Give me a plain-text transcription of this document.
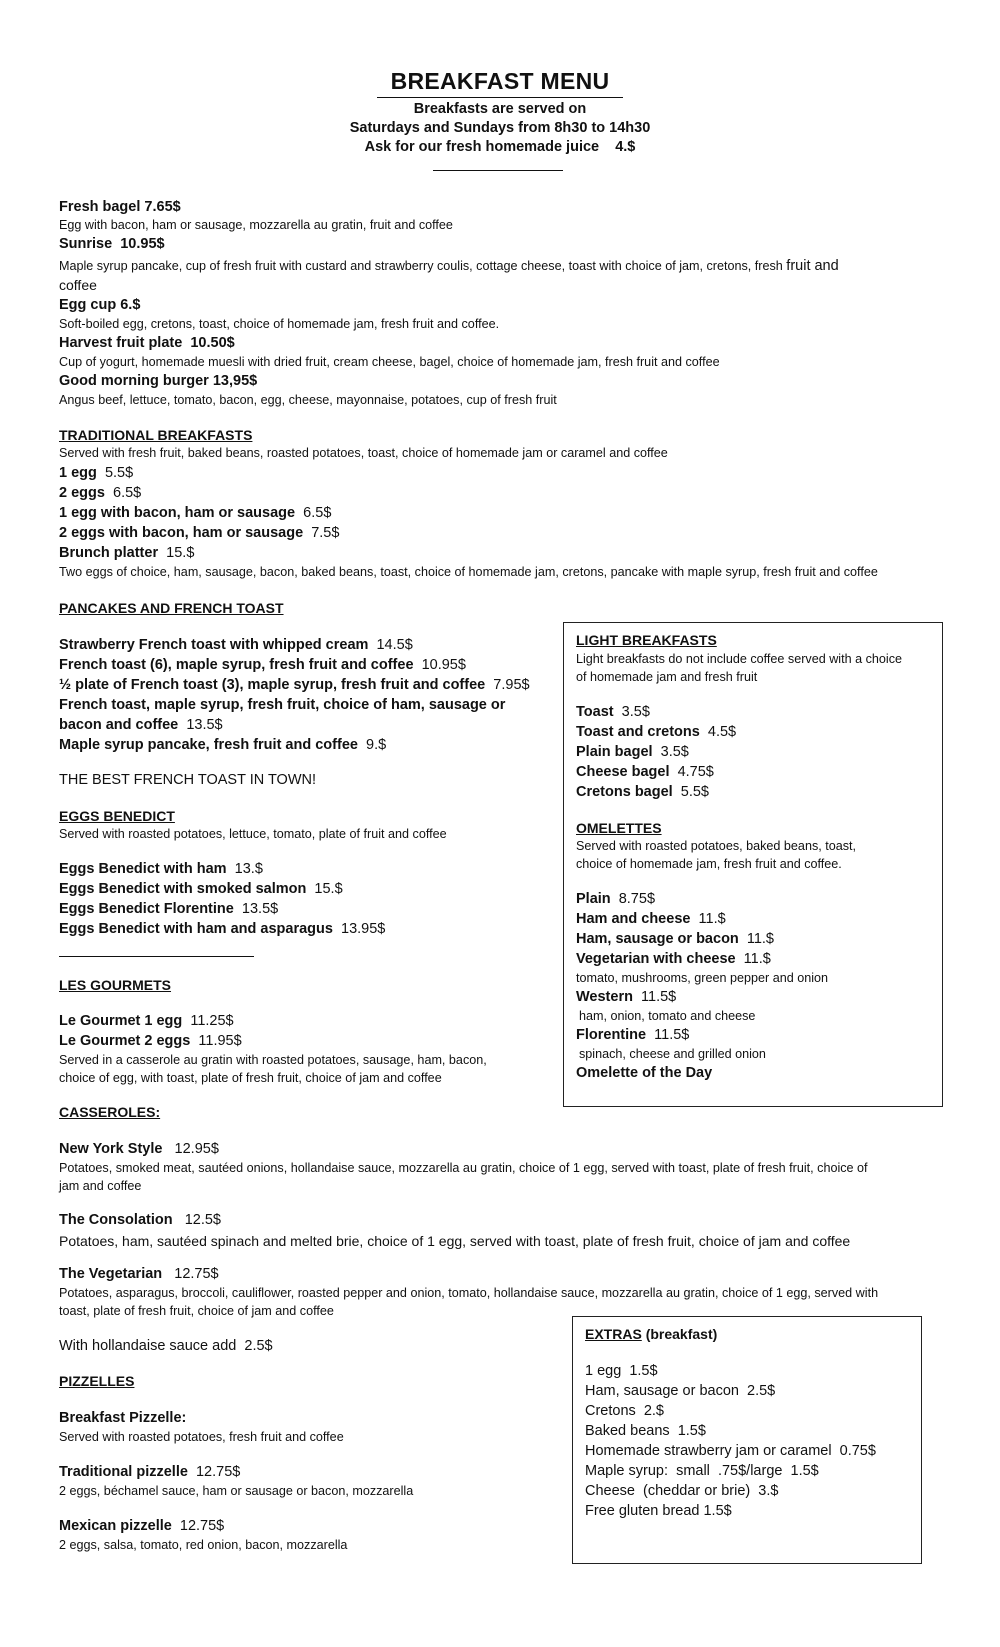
BREAKFAST MENU
Breakfasts are served on
Saturdays and Sundays from 8h30 to 14h30
Ask for our fresh homemade juice    4.$
Fresh bagel 7.65$
Egg with bacon, ham or sausage, mozzarella au gratin, fruit and coffee
Sunrise  10.95$
Maple syrup pancake, cup of fresh fruit with custard and strawberry coulis, cottage cheese, toast with choice of jam, cretons, fresh fruit and
coffee
Egg cup 6.$
Soft-boiled egg, cretons, toast, choice of homemade jam, fresh fruit and coffee.
Harvest fruit plate  10.50$
Cup of yogurt, homemade muesli with dried fruit, cream cheese, bagel, choice of homemade jam, fresh fruit and coffee
Good morning burger 13,95$
Angus beef, lettuce, tomato, bacon, egg, cheese, mayonnaise, potatoes, cup of fresh fruit
TRADITIONAL BREAKFASTS
Served with fresh fruit, baked beans, roasted potatoes, toast, choice of homemade jam or caramel and coffee
1 egg 5.5$
2 eggs 6.5$
1 egg with bacon, ham or sausage 6.5$
2 eggs with bacon, ham or sausage 7.5$
Brunch platter 15.$
Two eggs of choice, ham, sausage, bacon, baked beans, toast, choice of homemade jam, cretons, pancake with maple syrup, fresh fruit and coffee
PANCAKES AND FRENCH TOAST
Strawberry French toast with whipped cream 14.5$
French toast (6), maple syrup, fresh fruit and coffee 10.95$
½ plate of French toast (3), maple syrup, fresh fruit and coffee 7.95$
French toast, maple syrup, fresh fruit, choice of ham, sausage or
bacon and coffee 13.5$
Maple syrup pancake, fresh fruit and coffee 9.$
THE BEST FRENCH TOAST IN TOWN!
EGGS BENEDICT
Served with roasted potatoes, lettuce, tomato, plate of fruit and coffee
Eggs Benedict with ham 13.$
Eggs Benedict with smoked salmon 15.$
Eggs Benedict Florentine 13.5$
Eggs Benedict with ham and asparagus 13.95$
LES GOURMETS
Le Gourmet 1 egg 11.25$
Le Gourmet 2 eggs 11.95$
Served in a casserole au gratin with roasted potatoes, sausage, ham, bacon,
choice of egg, with toast, plate of fresh fruit, choice of jam and coffee
LIGHT BREAKFASTS
Light breakfasts do not include coffee served with a choice
of homemade jam and fresh fruit
Toast 3.5$
Toast and cretons 4.5$
Plain bagel 3.5$
Cheese bagel 4.75$
Cretons bagel 5.5$
OMELETTES
Served with roasted potatoes, baked beans, toast,
choice of homemade jam, fresh fruit and coffee.
Plain 8.75$
Ham and cheese 11.$
Ham, sausage or bacon 11.$
Vegetarian with cheese 11.$
tomato, mushrooms, green pepper and onion
Western 11.5$
ham, onion, tomato and cheese
Florentine 11.5$
spinach, cheese and grilled onion
Omelette of the Day
CASSEROLES:
New York Style 12.95$
Potatoes, smoked meat, sautéed onions, hollandaise sauce, mozzarella au gratin, choice of 1 egg, served with toast, plate of fresh fruit, choice of
jam and coffee
The Consolation 12.5$
Potatoes, ham, sautéed spinach and melted brie, choice of 1 egg, served with toast, plate of fresh fruit, choice of jam and coffee
The Vegetarian 12.75$
Potatoes, asparagus, broccoli, cauliflower, roasted pepper and onion, tomato, hollandaise sauce, mozzarella au gratin, choice of 1 egg, served with
toast, plate of fresh fruit, choice of jam and coffee
With hollandaise sauce add  2.5$
PIZZELLES
Breakfast Pizzelle:
Served with roasted potatoes, fresh fruit and coffee
Traditional pizzelle 12.75$
2 eggs, béchamel sauce, ham or sausage or bacon, mozzarella
Mexican pizzelle 12.75$
2 eggs, salsa, tomato, red onion, bacon, mozzarella
EXTRAS (breakfast)
1 egg  1.5$
Ham, sausage or bacon  2.5$
Cretons  2.$
Baked beans  1.5$
Homemade strawberry jam or caramel  0.75$
Maple syrup:  small  .75$/large  1.5$
Cheese  (cheddar or brie)  3.$
Free gluten bread 1.5$
